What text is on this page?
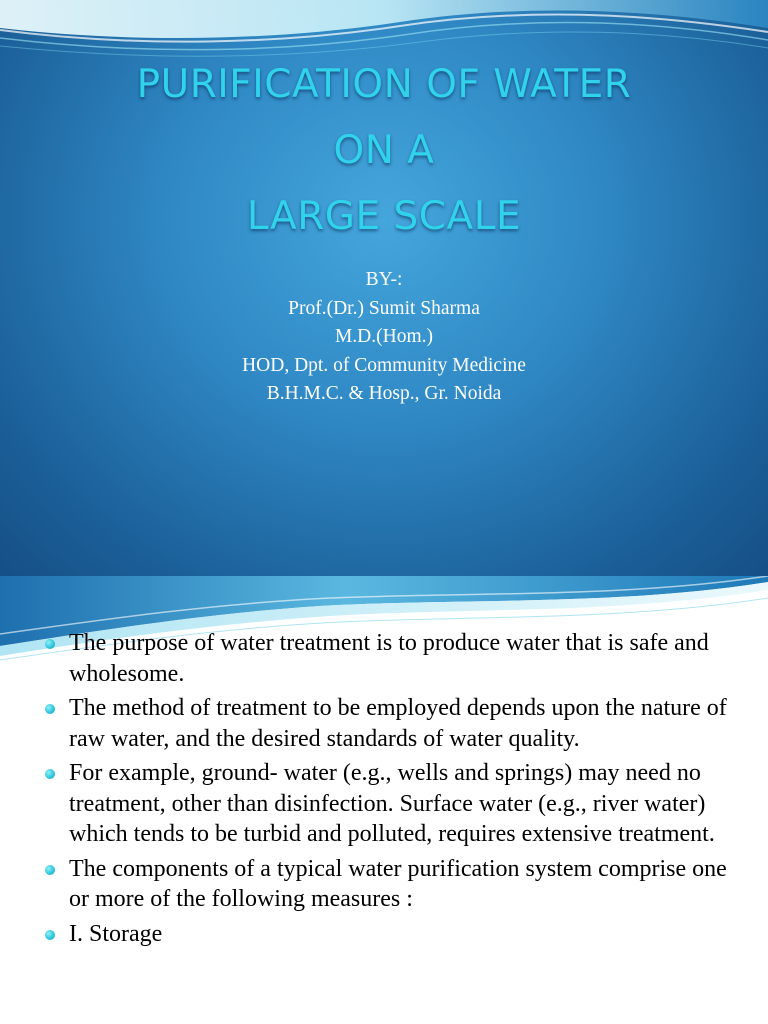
PURIFICATION OF WATER
ON A
LARGE SCALE
BY-:
Prof.(Dr.) Sumit Sharma
M.D.(Hom.)
HOD, Dpt. of Community Medicine
B.H.M.C. & Hosp., Gr. Noida
The purpose of water treatment is to produce water that is safe and wholesome.
The method of treatment to be employed depends upon the nature of raw water, and the desired standards of water quality.
For example, ground- water (e.g., wells and springs) may need no treatment, other than disinfection. Surface water (e.g., river water) which tends to be turbid and polluted, requires extensive treatment.
The components of a typical water purification system comprise one or more of the following measures :
I. Storage
